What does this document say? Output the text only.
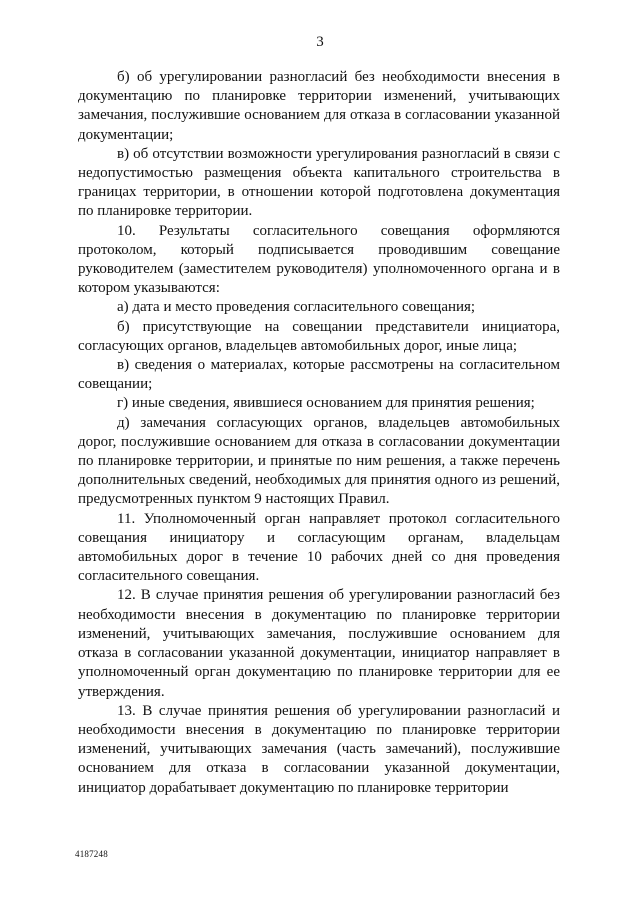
3

б) об урегулировании разногласий без необходимости внесения в документацию по планировке территории изменений, учитывающих замечания, послужившие основанием для отказа в согласовании указанной документации;

в) об отсутствии возможности урегулирования разногласий в связи с недопустимостью размещения объекта капитального строительства в границах территории, в отношении которой подготовлена документация по планировке территории.

10. Результаты согласительного совещания оформляются протоколом, который подписывается проводившим совещание руководителем (заместителем руководителя) уполномоченного органа и в котором указываются:

а) дата и место проведения согласительного совещания;

б) присутствующие на совещании представители инициатора, согласующих органов, владельцев автомобильных дорог, иные лица;

в) сведения о материалах, которые рассмотрены на согласительном совещании;

г) иные сведения, явившиеся основанием для принятия решения;

д) замечания согласующих органов, владельцев автомобильных дорог, послужившие основанием для отказа в согласовании документации по планировке территории, и принятые по ним решения, а также перечень дополнительных сведений, необходимых для принятия одного из решений, предусмотренных пунктом 9 настоящих Правил.

11. Уполномоченный орган направляет протокол согласительного совещания инициатору и согласующим органам, владельцам автомобильных дорог в течение 10 рабочих дней со дня проведения согласительного совещания.

12. В случае принятия решения об урегулировании разногласий без необходимости внесения в документацию по планировке территории изменений, учитывающих замечания, послужившие основанием для отказа в согласовании указанной документации, инициатор направляет в уполномоченный орган документацию по планировке территории для ее утверждения.

13. В случае принятия решения об урегулировании разногласий и необходимости внесения в документацию по планировке территории изменений, учитывающих замечания (часть замечаний), послужившие основанием для отказа в согласовании указанной документации, инициатор дорабатывает документацию по планировке территории

4187248
